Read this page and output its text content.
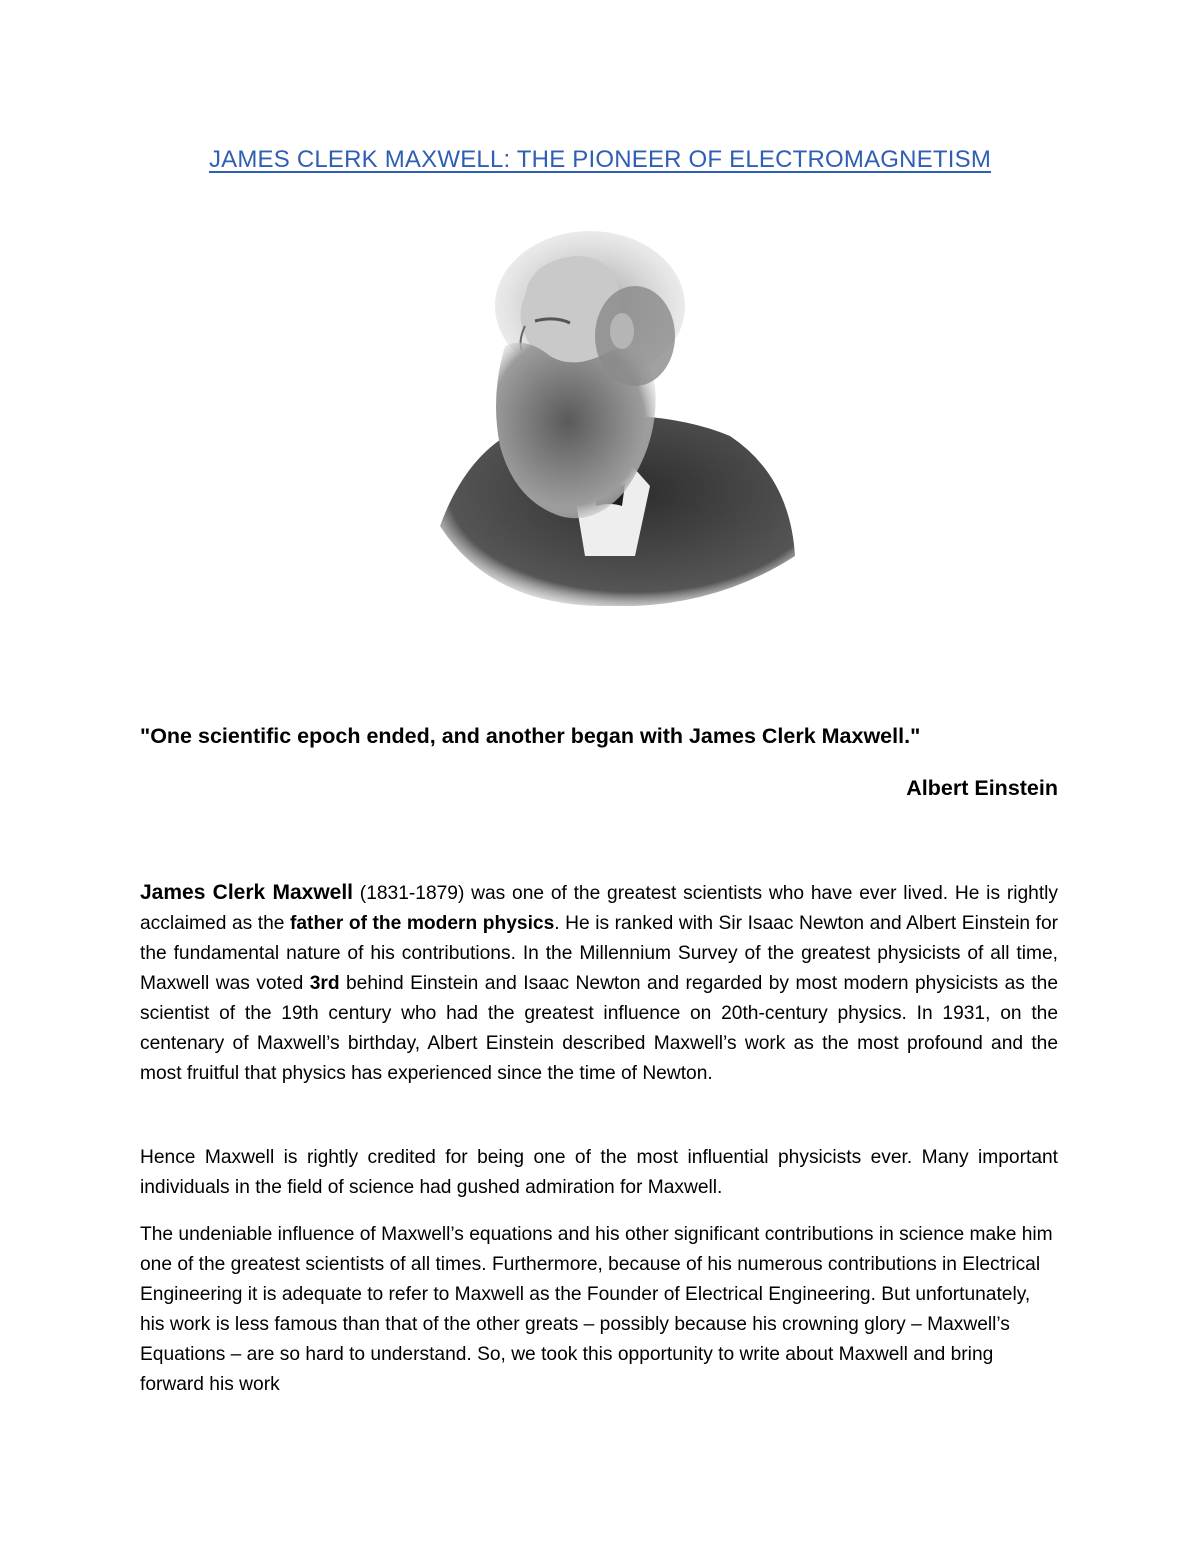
JAMES CLERK MAXWELL: THE PIONEER OF ELECTROMAGNETISM
"One scientific epoch ended, and another began with James Clerk Maxwell."
Albert Einstein

James Clerk Maxwell (1831-1879) was one of the greatest scientists who have ever lived. He is rightly acclaimed as the father of the modern physics. He is ranked with Sir Isaac Newton and Albert Einstein for the fundamental nature of his contributions. In the Millennium Survey of the greatest physicists of all time, Maxwell was voted 3rd behind Einstein and Isaac Newton and regarded by most modern physicists as the scientist of the 19th century who had the greatest influence on 20th-century physics. In 1931, on the centenary of Maxwell’s birthday, Albert Einstein described Maxwell’s work as the most profound and the most fruitful that physics has experienced since the time of Newton.

Hence Maxwell is rightly credited for being one of the most influential physicists ever. Many important individuals in the field of science had gushed admiration for Maxwell.

The undeniable influence of Maxwell’s equations and his other significant contributions in science make him one of the greatest scientists of all times. Furthermore, because of his numerous contributions in Electrical Engineering it is adequate to refer to Maxwell as the Founder of Electrical Engineering. But unfortunately, his work is less famous than that of the other greats – possibly because his crowning glory – Maxwell’s Equations – are so hard to understand. So, we took this opportunity to write about Maxwell and bring forward his work
